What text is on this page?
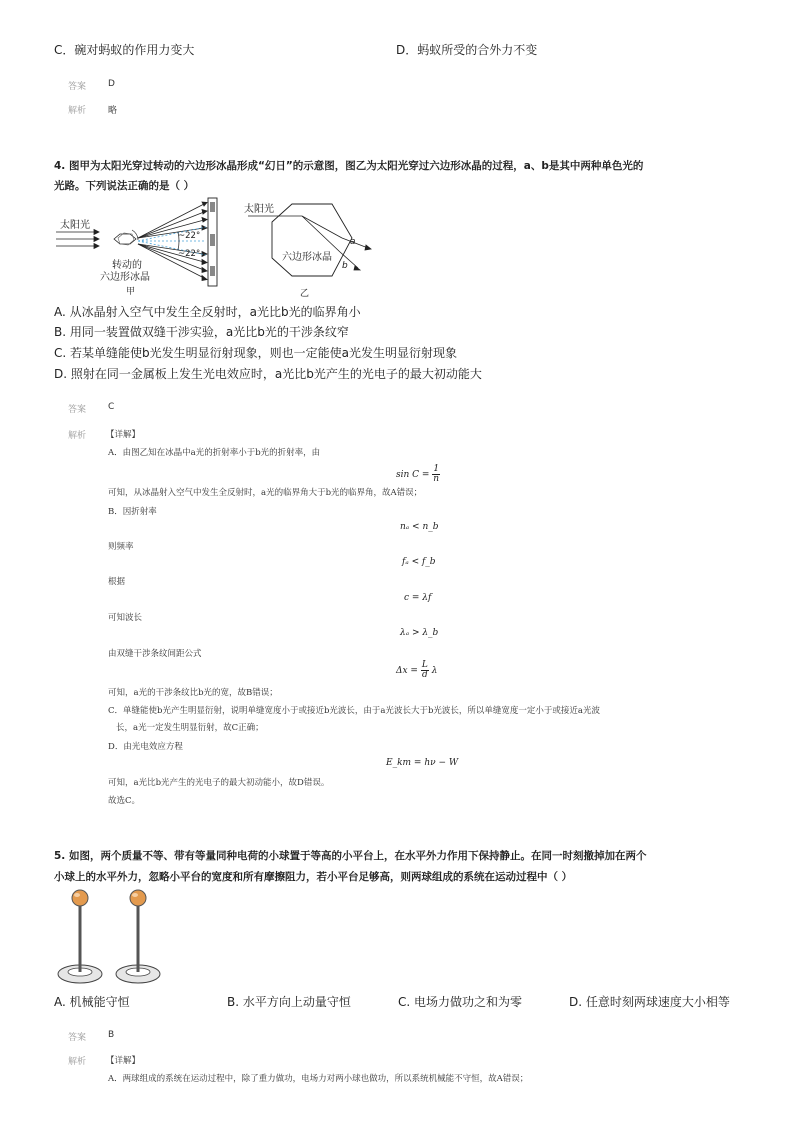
C．碗对蚂蚁的作用力变大	D．蚂蚁所受的合外力不变
答案 D
解析 略
4. 图甲为太阳光穿过转动的六边形冰晶形成“幻日”的示意图，图乙为太阳光穿过六边形冰晶的过程，a、b是其中两种单色光的
光路。下列说法正确的是（ ）
太阳光
~22°
~22°
转动的
六边形冰晶
甲
太阳光
a
b
六边形冰晶
乙
A. 从冰晶射入空气中发生全反射时，a光比b光的临界角小
B. 用同一装置做双缝干涉实验，a光比b光的干涉条纹窄
C. 若某单缝能使b光发生明显衍射现象，则也一定能使a光发生明显衍射现象
D. 照射在同一金属板上发生光电效应时，a光比b光产生的光电子的最大初动能大
答案 C
解析 【详解】
A．由图乙知在冰晶中a光的折射率小于b光的折射率，由
$\sin C = \frac{1}{n}$
可知，从冰晶射入空气中发生全反射时，a光的临界角大于b光的临界角，故A错误；
B．因折射率
nₐ < n_b
则频率
fₐ < f_b
根据
c = λf
可知波长
λₐ > λ_b
由双缝干涉条纹间距公式
$\Delta x = \frac{L}{d}$ λ
可知，a光的干涉条纹比b光的宽，故B错误；
C．单缝能使b光产生明显衍射，说明单缝宽度小于或接近b光波长，由于a光波长大于b光波长，所以单缝宽度一定小于或接近a光波
长，a光一定发生明显衍射，故C正确；
D．由光电效应方程
E_km = hν − W
可知，a光比b光产生的光电子的最大初动能小，故D错误。
故选C。
5. 如图，两个质量不等、带有等量同种电荷的小球置于等高的小平台上，在水平外力作用下保持静止。在同一时刻撤掉加在两个
小球上的水平外力，忽略小平台的宽度和所有摩擦阻力，若小平台足够高，则两球组成的系统在运动过程中（ ）
A. 机械能守恒	B. 水平方向上动量守恒	C. 电场力做功之和为零	D. 任意时刻两球速度大小相等
答案 B
解析 【详解】
A．两球组成的系统在运动过程中，除了重力做功，电场力对两小球也做功，所以系统机械能不守恒，故A错误；
